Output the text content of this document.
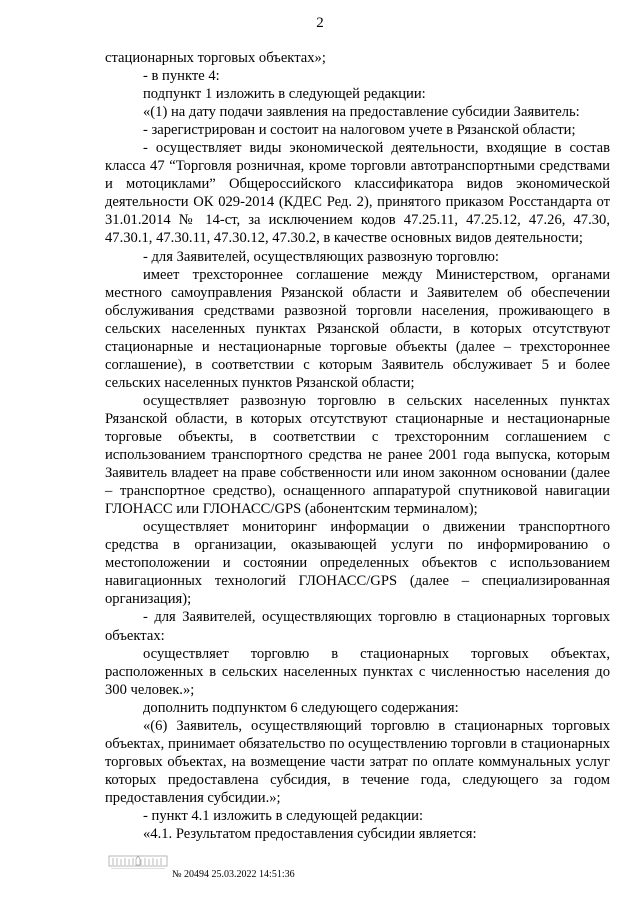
2

стационарных торговых объектах»;

- в пункте 4:

подпункт 1 изложить в следующей редакции:

«(1) на дату подачи заявления на предоставление субсидии Заявитель:

- зарегистрирован и состоит на налоговом учете в Рязанской области;

- осуществляет виды экономической деятельности, входящие в состав класса 47 “Торговля розничная, кроме торговли автотранспортными средствами и мотоциклами” Общероссийского классификатора видов экономической деятельности ОК 029-2014 (КДЕС Ред. 2), принятого приказом Росстандарта от 31.01.2014 № 14-ст, за исключением кодов 47.25.11, 47.25.12, 47.26, 47.30, 47.30.1, 47.30.11, 47.30.12, 47.30.2, в качестве основных видов деятельности;

- для Заявителей, осуществляющих развозную торговлю:

имеет трехстороннее соглашение между Министерством, органами местного самоуправления Рязанской области и Заявителем об обеспечении обслуживания средствами развозной торговли населения, проживающего в сельских населенных пунктах Рязанской области, в которых отсутствуют стационарные и нестационарные торговые объекты (далее – трехстороннее соглашение), в соответствии с которым Заявитель обслуживает 5 и более сельских населенных пунктов Рязанской области;

осуществляет развозную торговлю в сельских населенных пунктах Рязанской области, в которых отсутствуют стационарные и нестационарные торговые объекты, в соответствии с трехсторонним соглашением с использованием транспортного средства не ранее 2001 года выпуска, которым Заявитель владеет на праве собственности или ином законном основании (далее – транспортное средство), оснащенного аппаратурой спутниковой навигации ГЛОНАСС или ГЛОНАСС/GPS (абонентским терминалом);

осуществляет мониторинг информации о движении транспортного средства в организации, оказывающей услуги по информированию о местоположении и состоянии определенных объектов с использованием навигационных технологий ГЛОНАСС/GPS (далее – специализированная организация);

- для Заявителей, осуществляющих торговлю в стационарных торговых объектах:

осуществляет торговлю в стационарных торговых объектах, расположенных в сельских населенных пунктах с численностью населения до 300 человек.»;

дополнить подпунктом 6 следующего содержания:

«(6) Заявитель, осуществляющий торговлю в стационарных торговых объектах, принимает обязательство по осуществлению торговли в стационарных торговых объектах, на возмещение части затрат по оплате коммунальных услуг которых предоставлена субсидия, в течение года, следующего за годом предоставления субсидии.»;

- пункт 4.1 изложить в следующей редакции:

«4.1. Результатом предоставления субсидии является:

№ 20494 25.03.2022 14:51:36
